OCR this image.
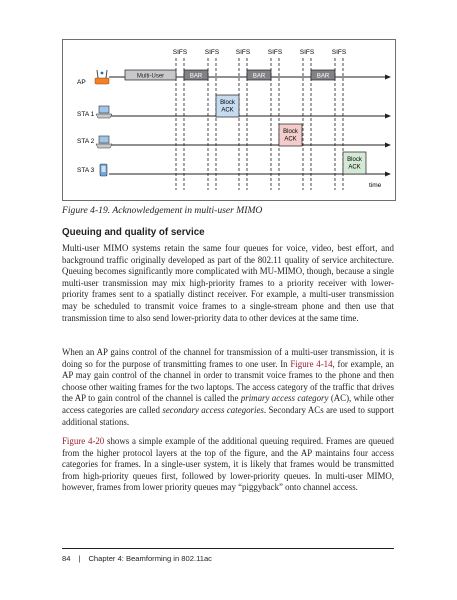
SIFS	SIFS	SIFS	SIFS	SIFS	SIFS
AP
STA 1
STA 2
STA 3
Multi-User	BAR	BAR	BAR
Block
ACK
Block
ACK
Block
ACK
time
Figure 4-19. Acknowledgement in multi-user MIMO
Queuing and quality of service

Multi-user MIMO systems retain the same four queues for voice, video, best effort, and background traffic originally developed as part of the 802.11 quality of service architecture. Queuing becomes significantly more complicated with MU-MIMO, though, because a single multi-user transmission may mix high-priority frames to a priority receiver with lower-priority frames sent to a spatially distinct receiver. For example, a multi-user transmission may be scheduled to transmit voice frames to a single-stream phone and then use that transmission time to also send lower-priority data to other devices at the same time.

When an AP gains control of the channel for transmission of a multi-user transmission, it is doing so for the purpose of transmitting frames to one user. In Figure 4-14, for example, an AP may gain control of the channel in order to transmit voice frames to the phone and then choose other waiting frames for the two laptops. The access category of the traffic that drives the AP to gain control of the channel is called the primary access category (AC), while other access categories are called secondary access categories. Secondary ACs are used to support additional stations.

Figure 4-20 shows a simple example of the additional queuing required. Frames are queued from the higher protocol layers at the top of the figure, and the AP maintains four access categories for frames. In a single-user system, it is likely that frames would be transmitted from high-priority queues first, followed by lower-priority queues. In multi-user MIMO, however, frames from lower priority queues may “piggyback” onto channel access.

84 | Chapter 4: Beamforming in 802.11ac
